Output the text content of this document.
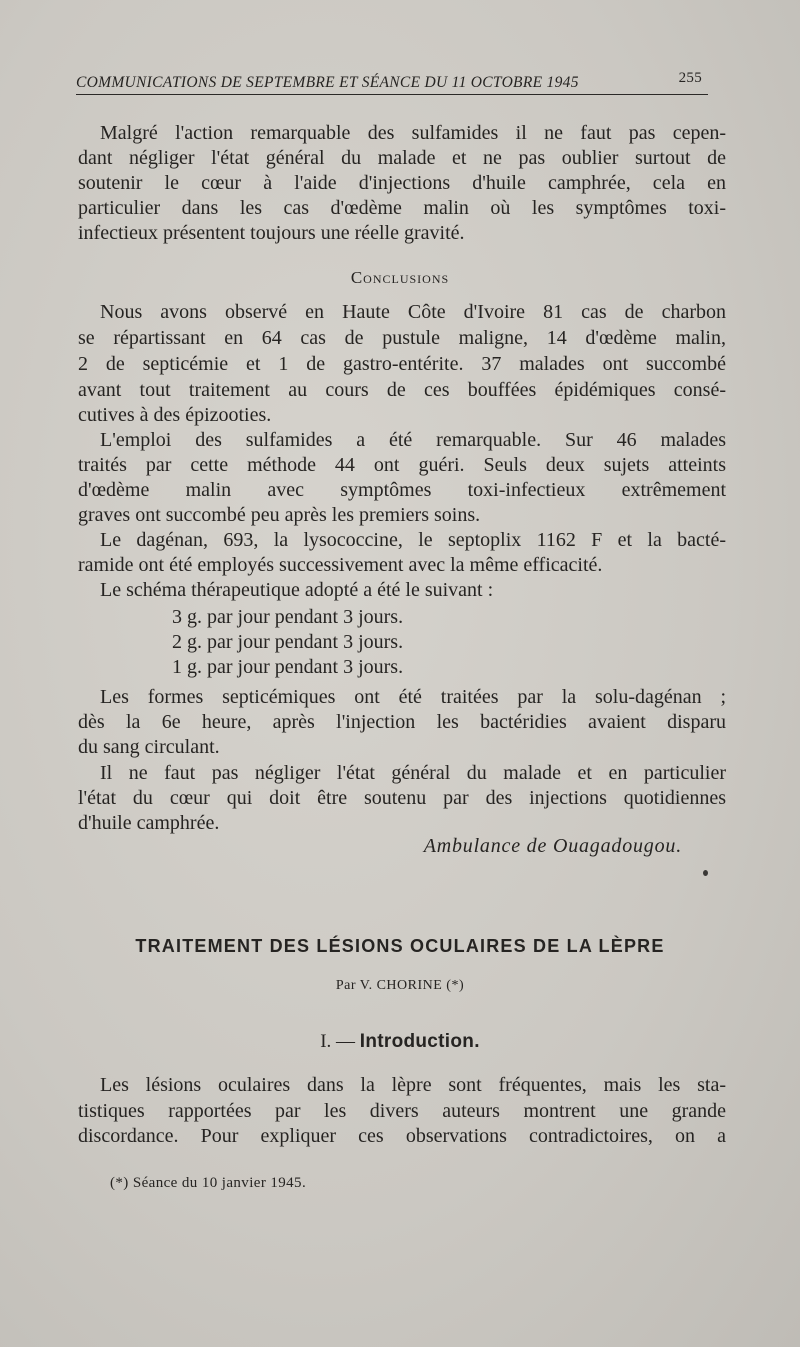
COMMUNICATIONS DE SEPTEMBRE ET SÉANCE DU 11 OCTOBRE 1945	255
Malgré l'action remarquable des sulfamides il ne faut pas cepen-
dant négliger l'état général du malade et ne pas oublier surtout de
soutenir le cœur à l'aide d'injections d'huile camphrée, cela en
particulier dans les cas d'œdème malin où les symptômes toxi-
infectieux présentent toujours une réelle gravité.
Conclusions
Nous avons observé en Haute Côte d'Ivoire 81 cas de charbon
se répartissant en 64 cas de pustule maligne, 14 d'œdème malin,
2 de septicémie et 1 de gastro-entérite. 37 malades ont succombé
avant tout traitement au cours de ces bouffées épidémiques consé-
cutives à des épizooties.
L'emploi des sulfamides a été remarquable. Sur 46 malades
traités par cette méthode 44 ont guéri. Seuls deux sujets atteints
d'œdème malin avec symptômes toxi-infectieux extrêmement
graves ont succombé peu après les premiers soins.
Le dagénan, 693, la lysococcine, le septoplix 1162 F et la bacté-
ramide ont été employés successivement avec la même efficacité.
Le schéma thérapeutique adopté a été le suivant :
3 g. par jour pendant 3 jours.
2 g. par jour pendant 3 jours.
1 g. par jour pendant 3 jours.
Les formes septicémiques ont été traitées par la solu-dagénan ;
dès la 6e heure, après l'injection les bactéridies avaient disparu
du sang circulant.
Il ne faut pas négliger l'état général du malade et en particulier
l'état du cœur qui doit être soutenu par des injections quotidiennes
d'huile camphrée.
Ambulance de Ouagadougou.
TRAITEMENT DES LÉSIONS OCULAIRES DE LA LÈPRE
Par V. CHORINE (*)
I. — Introduction.
Les lésions oculaires dans la lèpre sont fréquentes, mais les sta-
tistiques rapportées par les divers auteurs montrent une grande
discordance. Pour expliquer ces observations contradictoires, on a
(*) Séance du 10 janvier 1945.
